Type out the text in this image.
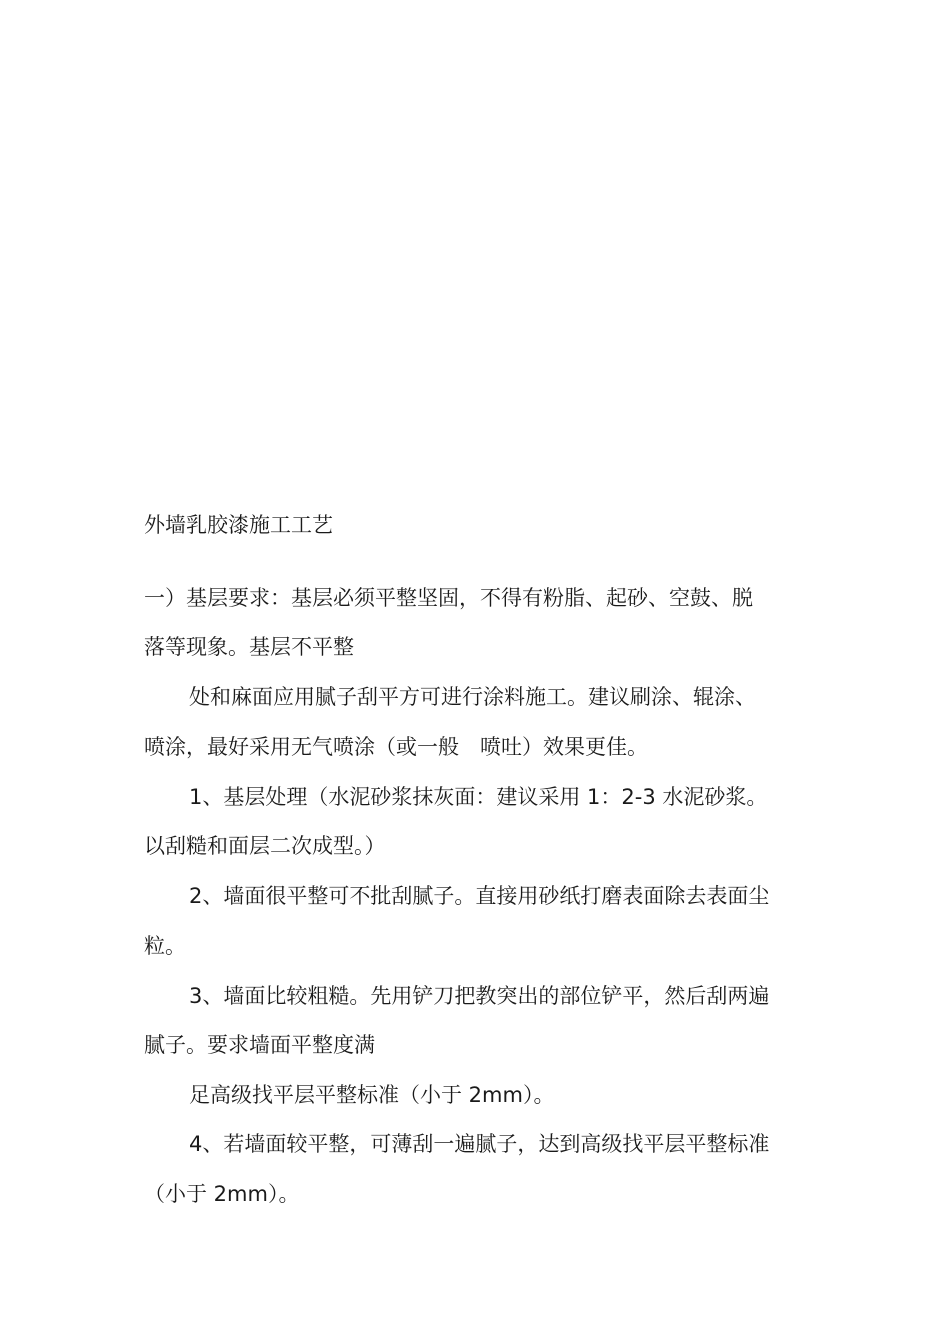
外墙乳胶漆施工工艺
一）基层要求：基层必须平整坚固，不得有粉脂、起砂、空鼓、脱
落等现象。基层不平整
处和麻面应用腻子刮平方可进行涂料施工。建议刷涂、辊涂、
喷涂，最好采用无气喷涂（或一般　喷吐）效果更佳。
1、基层处理（水泥砂浆抹灰面：建议采用 1：2-3 水泥砂浆。
以刮糙和面层二次成型。）
2、墙面很平整可不批刮腻子。直接用砂纸打磨表面除去表面尘
粒。
3、墙面比较粗糙。先用铲刀把教突出的部位铲平，然后刮两遍
腻子。要求墙面平整度满
足高级找平层平整标准（小于 2mm）。
4、若墙面较平整，可薄刮一遍腻子，达到高级找平层平整标准
（小于 2mm）。
